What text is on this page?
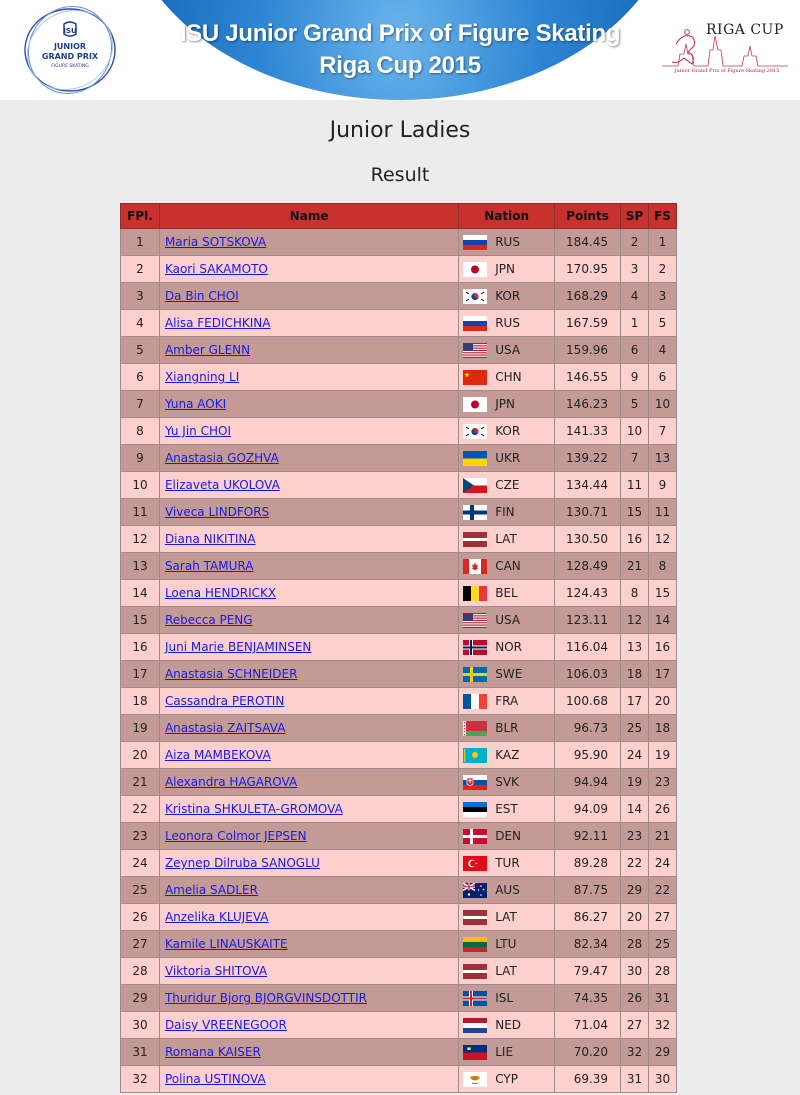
ISU
JUNIOR
GRAND PRIX
FIGURE SKATING
ISU Junior Grand Prix of Figure Skating
Riga Cup 2015
RIGA CUP
Junior Grand Prix of Figure Skating 2015
Junior Ladies
Result
FPl.	Name	Nation	Points	SP	FS
1	Maria SOTSKOVA	RUS	184.45	2	1
2	Kaori SAKAMOTO	JPN	170.95	3	2
3	Da Bin CHOI	KOR	168.29	4	3
4	Alisa FEDICHKINA	RUS	167.59	1	5
5	Amber GLENN	USA	159.96	6	4
6	Xiangning LI	CHN	146.55	9	6
7	Yuna AOKI	JPN	146.23	5	10
8	Yu Jin CHOI	KOR	141.33	10	7
9	Anastasia GOZHVA	UKR	139.22	7	13
10	Elizaveta UKOLOVA	CZE	134.44	11	9
11	Viveca LINDFORS	FIN	130.71	15	11
12	Diana NIKITINA	LAT	130.50	16	12
13	Sarah TAMURA	CAN	128.49	21	8
14	Loena HENDRICKX	BEL	124.43	8	15
15	Rebecca PENG	USA	123.11	12	14
16	Juni Marie BENJAMINSEN	NOR	116.04	13	16
17	Anastasia SCHNEIDER	SWE	106.03	18	17
18	Cassandra PEROTIN	FRA	100.68	17	20
19	Anastasia ZAITSAVA	BLR	96.73	25	18
20	Aiza MAMBEKOVA	KAZ	95.90	24	19
21	Alexandra HAGAROVA	SVK	94.94	19	23
22	Kristina SHKULETA-GROMOVA	EST	94.09	14	26
23	Leonora Colmor JEPSEN	DEN	92.11	23	21
24	Zeynep Dilruba SANOGLU	TUR	89.28	22	24
25	Amelia SADLER	AUS	87.75	29	22
26	Anzelika KLUJEVA	LAT	86.27	20	27
27	Kamile LINAUSKAITE	LTU	82.34	28	25
28	Viktoria SHITOVA	LAT	79.47	30	28
29	Thuridur Bjorg BJORGVINSDOTTIR	ISL	74.35	26	31
30	Daisy VREENEGOOR	NED	71.04	27	32
31	Romana KAISER	LIE	70.20	32	29
32	Polina USTINOVA	CYP	69.39	31	30
